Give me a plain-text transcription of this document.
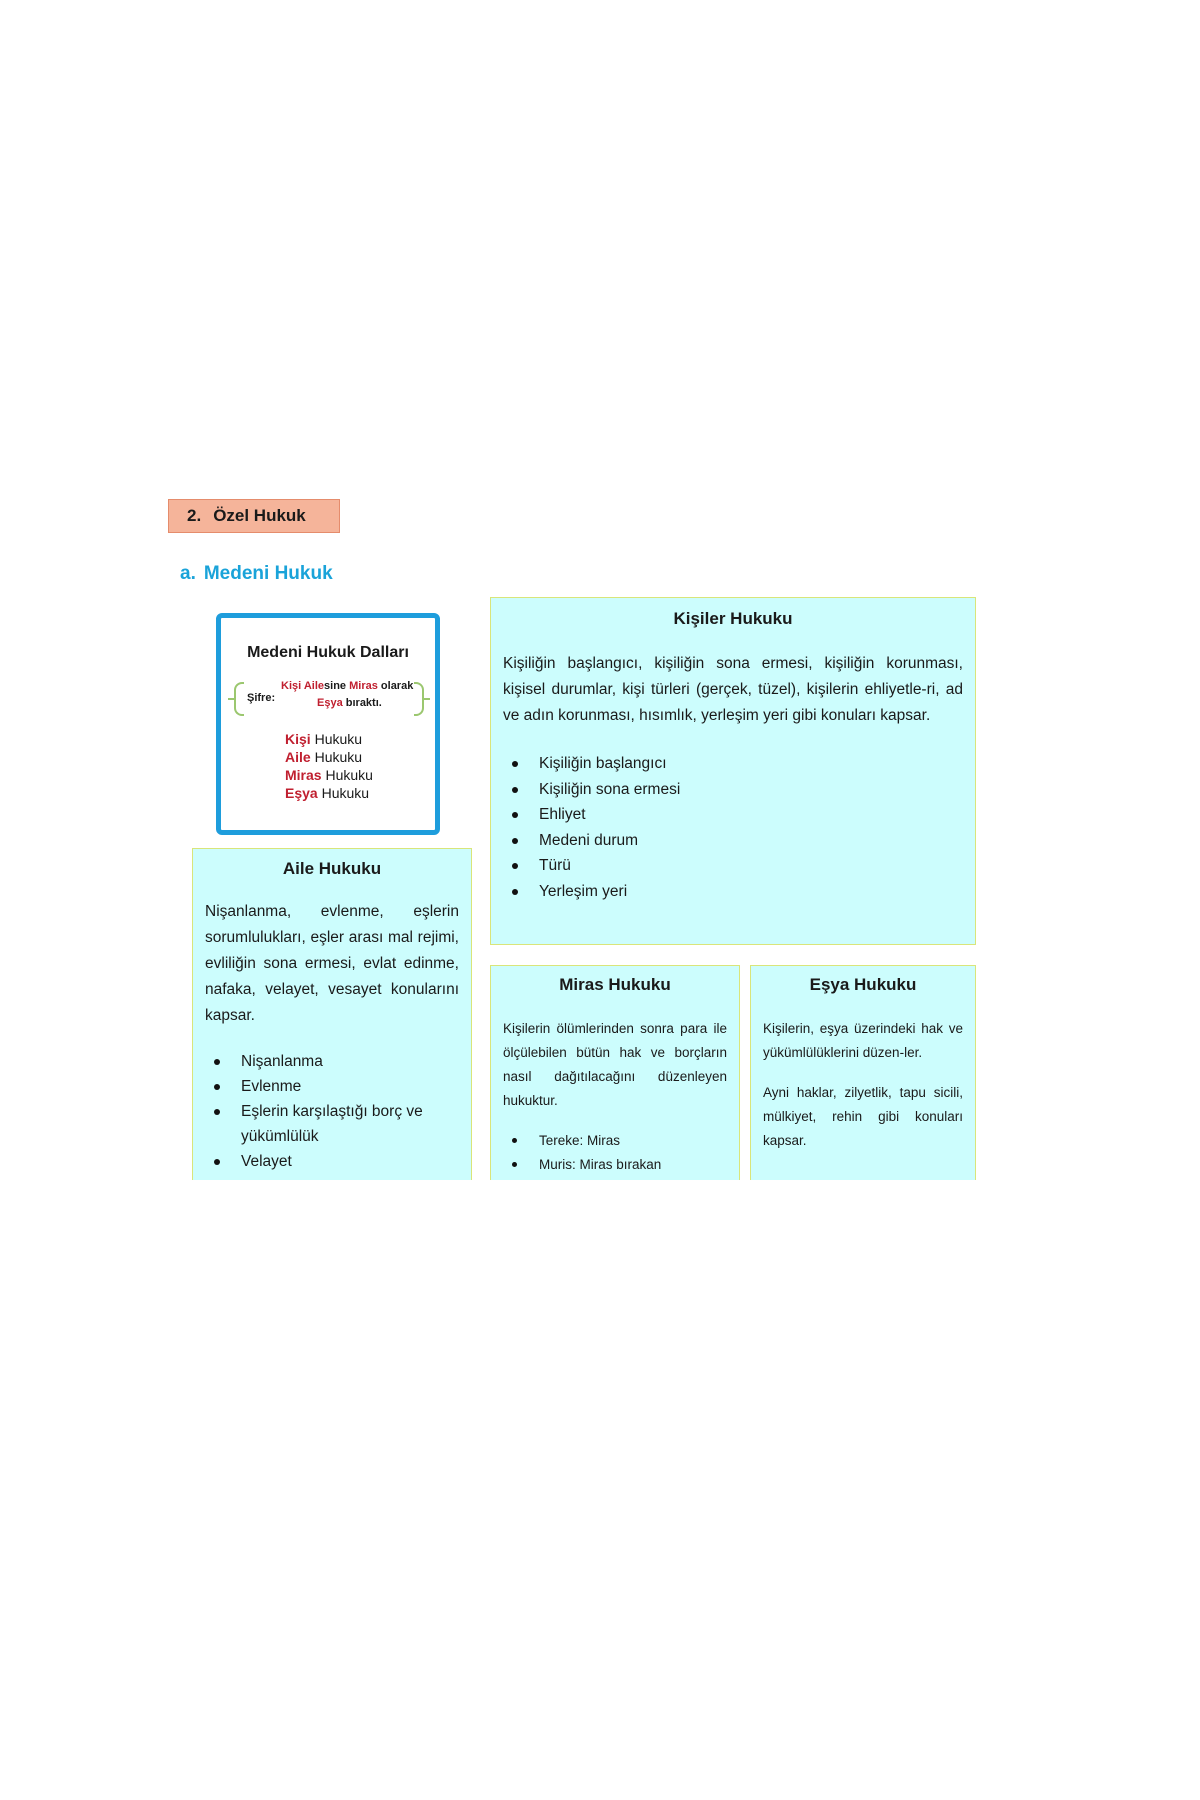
2. Özel Hukuk
a. Medeni Hukuk
Medeni Hukuk Dalları
Şifre:
Kişi Ailesine Miras olarak
Eşya bıraktı.
Kişi Hukuku
Aile Hukuku
Miras Hukuku
Eşya Hukuku
Kişiler Hukuku
Kişiliğin başlangıcı, kişiliğin sona ermesi, kişiliğin korunması, kişisel durumlar, kişi türleri (gerçek, tüzel), kişilerin ehliyetle-ri, ad ve adın korunması, hısımlık, yerleşim yeri gibi konuları kapsar.
Kişiliğin başlangıcı
Kişiliğin sona ermesi
Ehliyet
Medeni durum
Türü
Yerleşim yeri
Aile Hukuku
Nişanlanma, evlenme, eşlerin sorumlulukları, eşler arası mal rejimi, evliliğin sona ermesi, evlat edinme, nafaka, velayet, vesayet konularını kapsar.
Nişanlanma
Evlenme
Eşlerin karşılaştığı borç ve yükümlülük
Velayet
Miras Hukuku
Kişilerin ölümlerinden sonra para ile ölçülebilen bütün hak ve borçların nasıl dağıtılacağını düzenleyen hukuktur.
Tereke: Miras
Muris: Miras bırakan
Eşya Hukuku
Kişilerin, eşya üzerindeki hak ve yükümlülüklerini düzen-ler.
Ayni haklar, zilyetlik, tapu sicili, mülkiyet, rehin gibi konuları kapsar.
